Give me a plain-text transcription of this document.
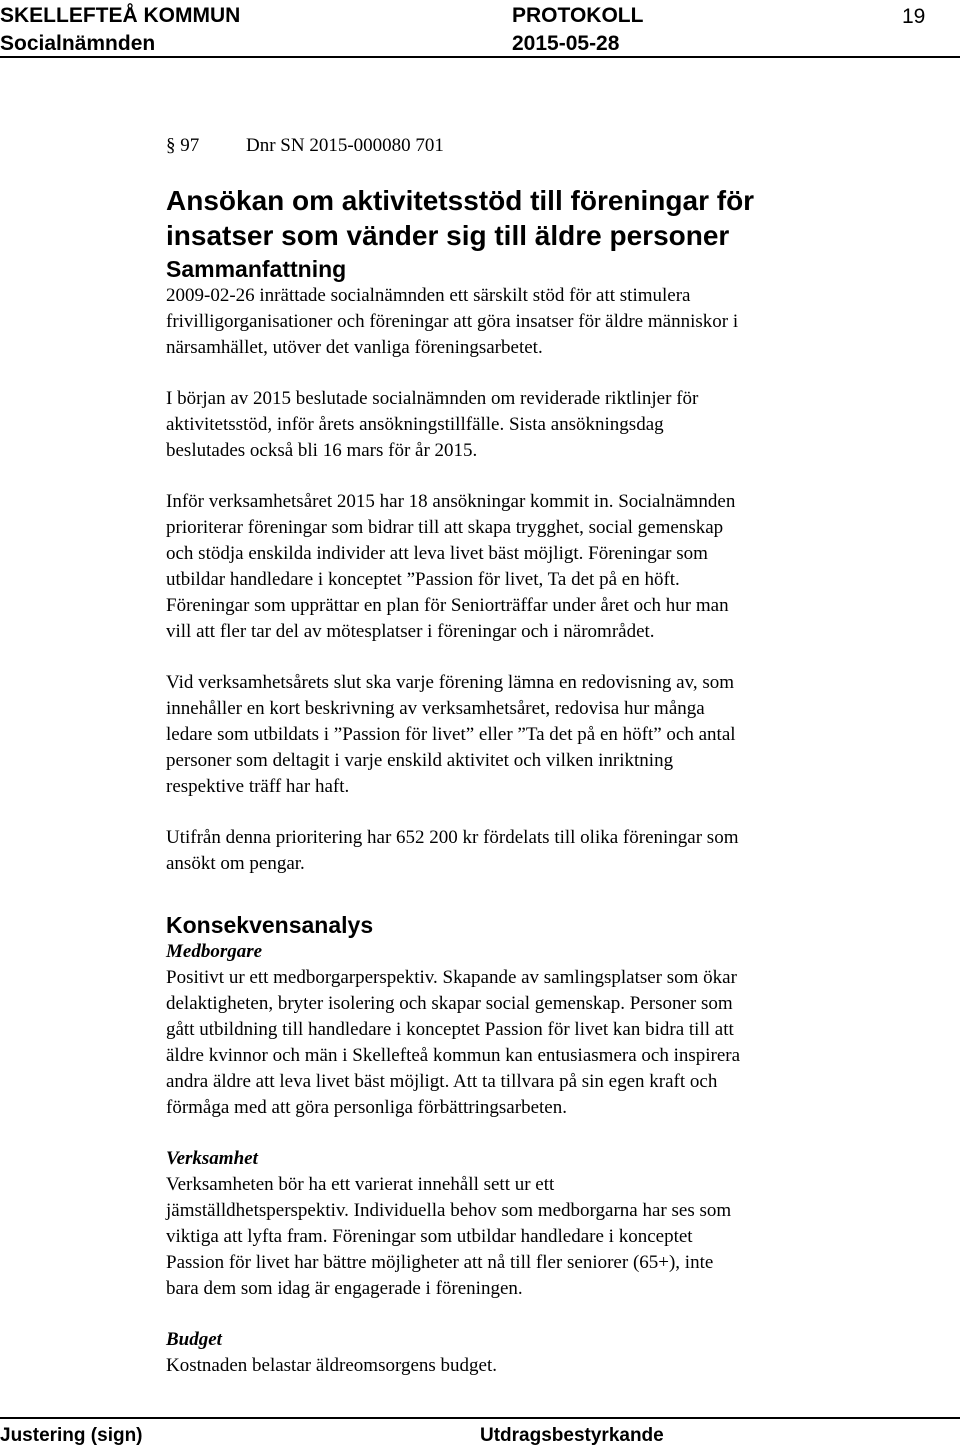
SKELLEFTEÅ KOMMUN
Socialnämnden
PROTOKOLL
2015-05-28
19
§ 97 Dnr SN 2015-000080 701
Ansökan om aktivitetsstöd till föreningar för
insatser som vänder sig till äldre personer
Sammanfattning
2009-02-26 inrättade socialnämnden ett särskilt stöd för att stimulera
frivilligorganisationer och föreningar att göra insatser för äldre människor i
närsamhället, utöver det vanliga föreningsarbetet.
I början av 2015 beslutade socialnämnden om reviderade riktlinjer för
aktivitetsstöd, inför årets ansökningstillfälle. Sista ansökningsdag
beslutades också bli 16 mars för år 2015.
Inför verksamhetsåret 2015 har 18 ansökningar kommit in. Socialnämnden
prioriterar föreningar som bidrar till att skapa trygghet, social gemenskap
och stödja enskilda individer att leva livet bäst möjligt. Föreningar som
utbildar handledare i konceptet ”Passion för livet, Ta det på en höft.
Föreningar som upprättar en plan för Seniorträffar under året och hur man
vill att fler tar del av mötesplatser i föreningar och i närområdet.
Vid verksamhetsårets slut ska varje förening lämna en redovisning av, som
innehåller en kort beskrivning av verksamhetsåret, redovisa hur många
ledare som utbildats i ”Passion för livet” eller ”Ta det på en höft” och antal
personer som deltagit i varje enskild aktivitet och vilken inriktning
respektive träff har haft.
Utifrån denna prioritering har 652 200 kr fördelats till olika föreningar som
ansökt om pengar.
Konsekvensanalys
Medborgare
Positivt ur ett medborgarperspektiv. Skapande av samlingsplatser som ökar
delaktigheten, bryter isolering och skapar social gemenskap. Personer som
gått utbildning till handledare i konceptet Passion för livet kan bidra till att
äldre kvinnor och män i Skellefteå kommun kan entusiasmera och inspirera
andra äldre att leva livet bäst möjligt. Att ta tillvara på sin egen kraft och
förmåga med att göra personliga förbättringsarbeten.
Verksamhet
Verksamheten bör ha ett varierat innehåll sett ur ett
jämställdhetsperspektiv. Individuella behov som medborgarna har ses som
viktiga att lyfta fram. Föreningar som utbildar handledare i konceptet
Passion för livet har bättre möjligheter att nå till fler seniorer (65+), inte
bara dem som idag är engagerade i föreningen.
Budget
Kostnaden belastar äldreomsorgens budget.
Justering (sign)	Utdragsbestyrkande
